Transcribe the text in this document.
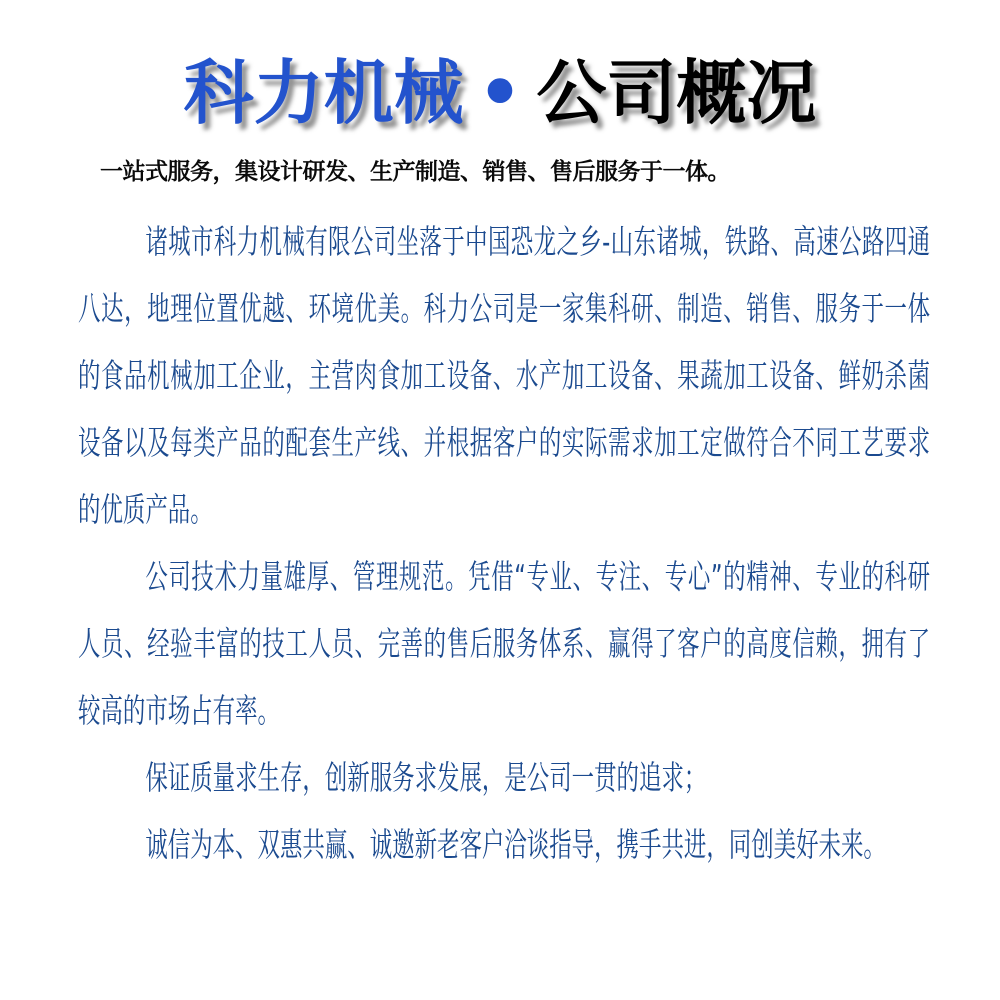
科力机械 • 公司概况

一站式服务，集设计研发、生产制造、销售、售后服务于一体。

诸城市科力机械有限公司坐落于中国恐龙之乡-山东诸城，铁路、高速公路四通八达，地理位置优越、环境优美。科力公司是一家集科研、制造、销售、服务于一体的食品机械加工企业，主营肉食加工设备、水产加工设备、果蔬加工设备、鲜奶杀菌设备以及每类产品的配套生产线、并根据客户的实际需求加工定做符合不同工艺要求的优质产品。

公司技术力量雄厚、管理规范。凭借“专业、专注、专心”的精神、专业的科研人员、经验丰富的技工人员、完善的售后服务体系、赢得了客户的高度信赖，拥有了较高的市场占有率。

保证质量求生存，创新服务求发展，是公司一贯的追求；

诚信为本、双惠共赢、诚邀新老客户洽谈指导，携手共进，同创美好未来。
